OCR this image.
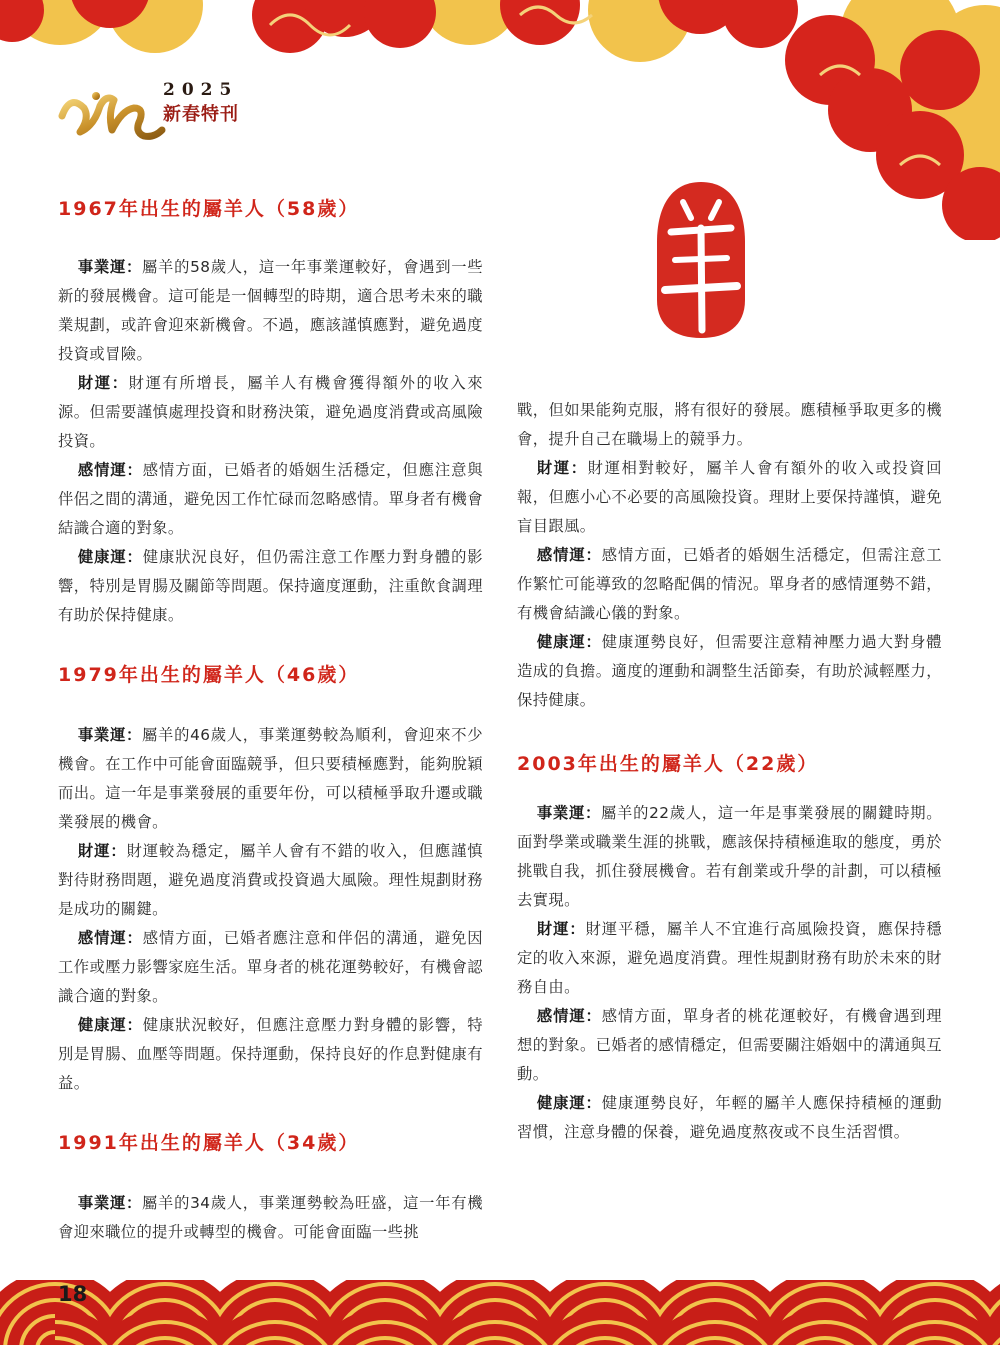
2025
新春特刊
1967年出生的屬羊人（58歲）

事業運：屬羊的58歲人，這一年事業運較好，會遇到一些新的發展機會。這可能是一個轉型的時期，適合思考未來的職業規劃，或許會迎來新機會。不過，應該謹慎應對，避免過度投資或冒險。

財運：財運有所增長，屬羊人有機會獲得額外的收入來源。但需要謹慎處理投資和財務決策，避免過度消費或高風險投資。

感情運：感情方面，已婚者的婚姻生活穩定，但應注意與伴侶之間的溝通，避免因工作忙碌而忽略感情。單身者有機會結識合適的對象。

健康運：健康狀況良好，但仍需注意工作壓力對身體的影響，特別是胃腸及關節等問題。保持適度運動，注重飲食調理有助於保持健康。

1979年出生的屬羊人（46歲）

事業運：屬羊的46歲人，事業運勢較為順利，會迎來不少機會。在工作中可能會面臨競爭，但只要積極應對，能夠脫穎而出。這一年是事業發展的重要年份，可以積極爭取升遷或職業發展的機會。

財運：財運較為穩定，屬羊人會有不錯的收入，但應謹慎對待財務問題，避免過度消費或投資過大風險。理性規劃財務是成功的關鍵。

感情運：感情方面，已婚者應注意和伴侶的溝通，避免因工作或壓力影響家庭生活。單身者的桃花運勢較好，有機會認識合適的對象。

健康運：健康狀況較好，但應注意壓力對身體的影響，特別是胃腸、血壓等問題。保持運動，保持良好的作息對健康有益。

1991年出生的屬羊人（34歲）

事業運：屬羊的34歲人，事業運勢較為旺盛，這一年有機會迎來職位的提升或轉型的機會。可能會面臨一些挑

戰，但如果能夠克服，將有很好的發展。應積極爭取更多的機會，提升自己在職場上的競爭力。

財運：財運相對較好，屬羊人會有額外的收入或投資回報，但應小心不必要的高風險投資。理財上要保持謹慎，避免盲目跟風。

感情運：感情方面，已婚者的婚姻生活穩定，但需注意工作繁忙可能導致的忽略配偶的情況。單身者的感情運勢不錯，有機會結識心儀的對象。

健康運：健康運勢良好，但需要注意精神壓力過大對身體造成的負擔。適度的運動和調整生活節奏，有助於減輕壓力，保持健康。

2003年出生的屬羊人（22歲）

事業運：屬羊的22歲人，這一年是事業發展的關鍵時期。面對學業或職業生涯的挑戰，應該保持積極進取的態度，勇於挑戰自我，抓住發展機會。若有創業或升學的計劃，可以積極去實現。

財運：財運平穩，屬羊人不宜進行高風險投資，應保持穩定的收入來源，避免過度消費。理性規劃財務有助於未來的財務自由。

感情運：感情方面，單身者的桃花運較好，有機會遇到理想的對象。已婚者的感情穩定，但需要關注婚姻中的溝通與互動。

健康運：健康運勢良好，年輕的屬羊人應保持積極的運動習慣，注意身體的保養，避免過度熬夜或不良生活習慣。

18
